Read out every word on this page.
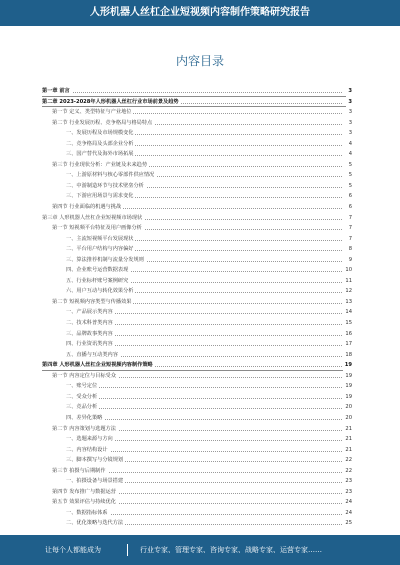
人形机器人丝杠企业短视频内容制作策略研究报告
内容目录
第一章 前言	3
第二章 2023-2028年人形机器人丝杠行业市场前景及趋势	3
第一节 定义、类型特征与产业地位	3
第二节 行业发展历程、竞争格局与格局特点	3
一、发展历程及市场规模变化	3
二、竞争格局及头部企业分析	4
三、国产替代及海外市场拓展	4
第三节 行业现状分析：产业链及未来趋势	5
一、上游原材料与核心零部件供应情况	5
二、中游制造环节与技术壁垒分析	5
三、下游应用场景与需求变化	6
第四节 行业面临的机遇与挑战	6
第三章 人形机器人丝杠企业短视频市场现状	7
第一节 短视频平台特征及用户画像分析	7
一、主流短视频平台发展现状	7
二、平台用户结构与内容偏好	8
三、算法推荐机制与流量分发规则	9
四、企业账号运营数据表现	10
五、行业标杆账号案例研究	11
六、用户互动与转化效果分析	12
第二节 短视频内容类型与传播效果	13
一、产品展示类内容	14
二、技术科普类内容	15
三、品牌故事类内容	16
四、行业资讯类内容	17
五、直播与互动类内容	18
第四章 人形机器人丝杠企业短视频内容制作策略	19
第一节 内容定位与目标受众	19
一、账号定位	19
二、受众分析	19
三、竞品分析	20
四、差异化策略	20
第二节 内容策划与选题方法	21
一、选题来源与方向	21
二、内容结构设计	21
三、脚本撰写与分镜规划	22
第三节 拍摄与后期制作	22
一、拍摄设备与场景搭建	23
第四节 发布推广与数据运营	23
第五节 效果评估与持续优化	24
一、数据指标体系	24
二、优化策略与迭代方法	25
让每个人都能成为	行业专家、管理专家、咨询专家、战略专家、运营专家……
